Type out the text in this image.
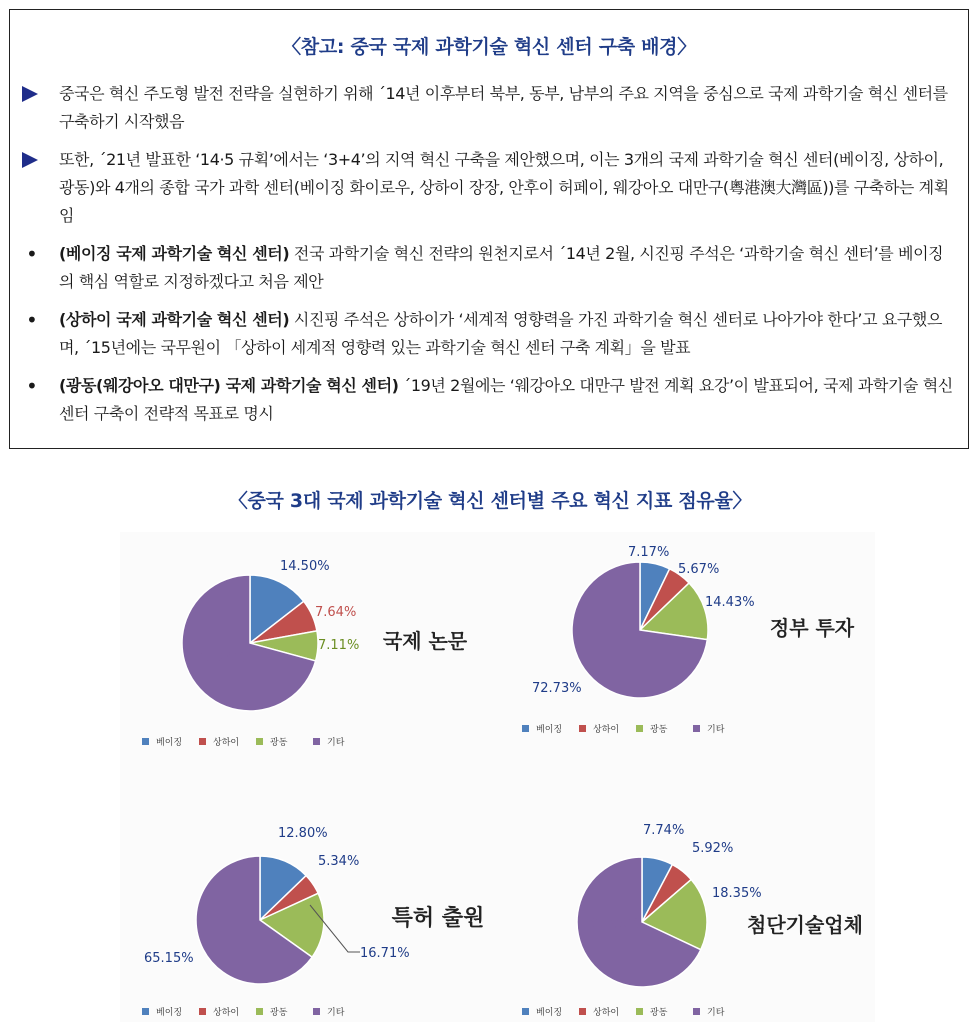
〈참고: 중국 국제 과학기술 혁신 센터 구축 배경〉
중국은 혁신 주도형 발전 전략을 실현하기 위해 ´14년 이후부터 북부, 동부, 남부의 주요 지역을 중심으로 국제 과학기술 혁신 센터를 구축하기 시작했음
또한, ´21년 발표한 ‘14·5 규획’에서는 ‘3+4’의 지역 혁신 구축을 제안했으며, 이는 3개의 국제 과학기술 혁신 센터(베이징, 상하이, 광동)와 4개의 종합 국가 과학 센터(베이징 화이로우, 상하이 장장, 안후이 허페이, 웨강아오 대만구(粵港澳大灣區))를 구축하는 계획임
•	(베이징 국제 과학기술 혁신 센터) 전국 과학기술 혁신 전략의 원천지로서 ´14년 2월, 시진핑 주석은 ‘과학기술 혁신 센터’를 베이징의 핵심 역할로 지정하겠다고 처음 제안
•	(상하이 국제 과학기술 혁신 센터) 시진핑 주석은 상하이가 ‘세계적 영향력을 가진 과학기술 혁신 센터로 나아가야 한다’고 요구했으며, ´15년에는 국무원이 「상하이 세계적 영향력 있는 과학기술 혁신 센터 구축 계획」을 발표
•	(광동(웨강아오 대만구) 국제 과학기술 혁신 센터) ´19년 2월에는 ‘웨강아오 대만구 발전 계획 요강’이 발표되어, 국제 과학기술 혁신 센터 구축이 전략적 목표로 명시
〈중국 3대 국제 과학기술 혁신 센터별 주요 혁신 지표 점유율〉
14.50%
7.64%
7.11%
70.74%
국제 논문
베이징	상하이	광동	기타
7.17%
5.67%
14.43%
72.73%
정부 투자
베이징	상하이	광동	기타
12.80%
5.34%
16.71%
65.15%
특허 출원
베이징	상하이	광동	기타
7.74%
5.92%
18.35%
67.99%	첨단기술업체
베이징	상하이	광동	기타
